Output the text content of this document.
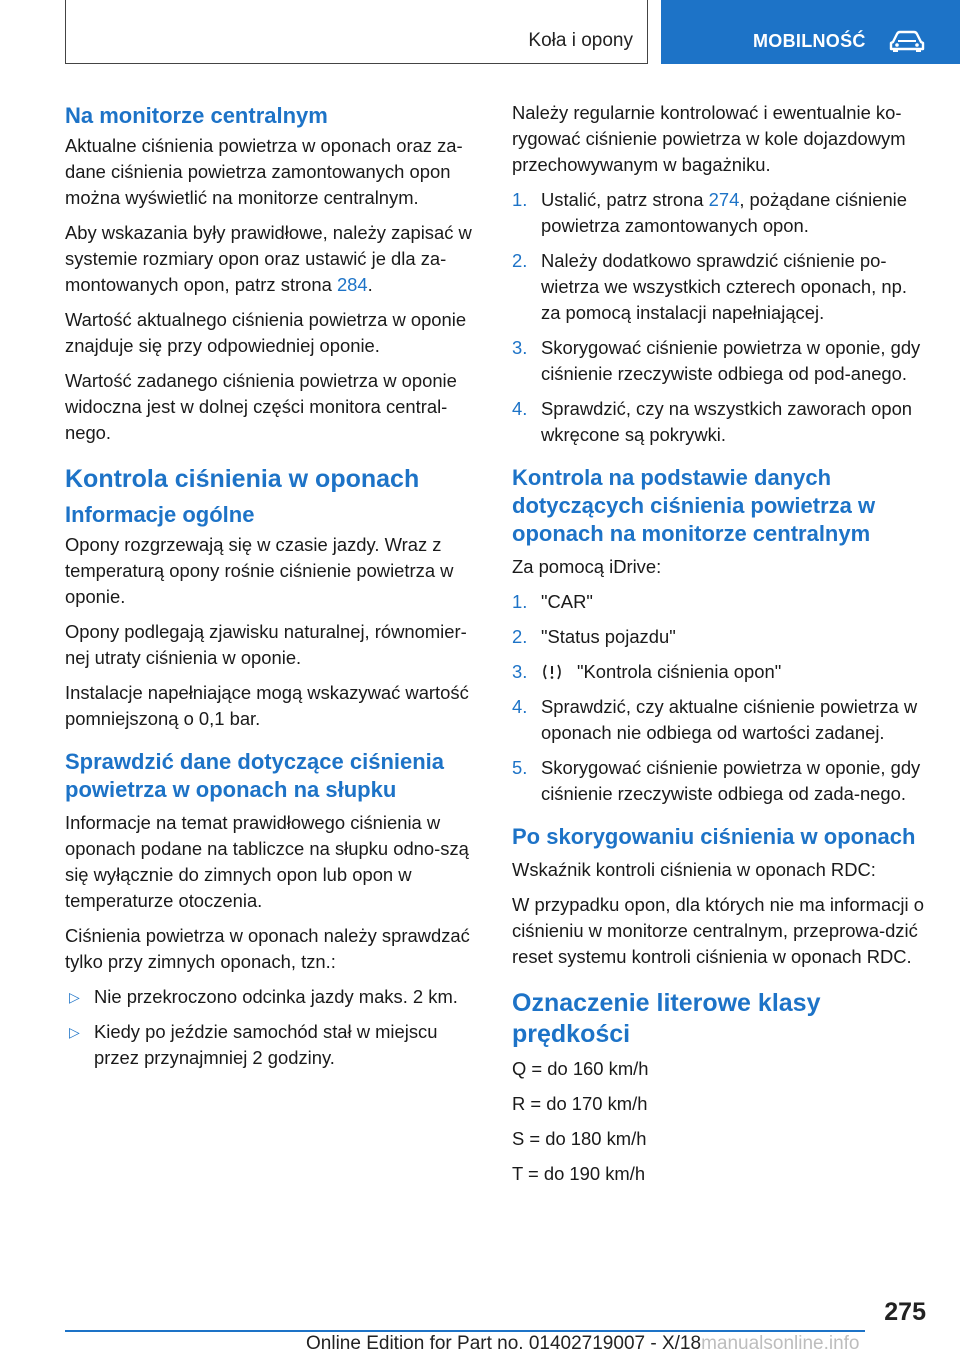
Koła i opony	MOBILNOŚĆ
Na monitorze centralnym

Aktualne ciśnienia powietrza w oponach oraz za-dane ciśnienia powietrza zamontowanych opon można wyświetlić na monitorze centralnym.

Aby wskazania były prawidłowe, należy zapisać w systemie rozmiary opon oraz ustawić je dla za-montowanych opon, patrz strona 284.

Wartość aktualnego ciśnienia powietrza w oponie znajduje się przy odpowiedniej oponie.

Wartość zadanego ciśnienia powietrza w oponie widoczna jest w dolnej części monitora central-nego.

Kontrola ciśnienia w oponach
Informacje ogólne

Opony rozgrzewają się w czasie jazdy. Wraz z temperaturą opony rośnie ciśnienie powietrza w oponie.

Opony podlegają zjawisku naturalnej, równomier-nej utraty ciśnienia w oponie.

Instalacje napełniające mogą wskazywać wartość pomniejszoną o 0,1 bar.

Sprawdzić dane dotyczące ciśnienia powietrza w oponach na słupku

Informacje na temat prawidłowego ciśnienia w oponach podane na tabliczce na słupku odno-szą się wyłącznie do zimnych opon lub opon w temperaturze otoczenia.

Ciśnienia powietrza w oponach należy sprawdzać tylko przy zimnych oponach, tzn.:

▷ Nie przekroczono odcinka jazdy maks. 2 km.
▷ Kiedy po jeździe samochód stał w miejscu przez przynajmniej 2 godziny.

Należy regularnie kontrolować i ewentualnie ko-rygować ciśnienie powietrza w kole dojazdowym przechowywanym w bagażniku.

1. Ustalić, patrz strona 274, pożądane ciśnienie powietrza zamontowanych opon.
2. Należy dodatkowo sprawdzić ciśnienie po-wietrza we wszystkich czterech oponach, np. za pomocą instalacji napełniającej.
3. Skorygować ciśnienie powietrza w oponie, gdy ciśnienie rzeczywiste odbiega od pod-anego.
4. Sprawdzić, czy na wszystkich zaworach opon wkręcone są pokrywki.
Kontrola na podstawie danych dotyczących ciśnienia powietrza w oponach na monitorze centralnym

Za pomocą iDrive:

1. "CAR"
2. "Status pojazdu"
3.	"Kontrola ciśnienia opon"
4. Sprawdzić, czy aktualne ciśnienie powietrza w oponach nie odbiega od wartości zadanej.
5. Skorygować ciśnienie powietrza w oponie, gdy ciśnienie rzeczywiste odbiega od zada-nego.
Po skorygowaniu ciśnienia w oponach

Wskaźnik kontroli ciśnienia w oponach RDC:

W przypadku opon, dla których nie ma informacji o ciśnieniu w monitorze centralnym, przeprowa-dzić reset systemu kontroli ciśnienia w oponach RDC.

Oznaczenie literowe klasy prędkości

Q = do 160 km/h

R = do 170 km/h

S = do 180 km/h

T = do 190 km/h

275
Online Edition for Part no. 01402719007 - X/18manualsonline.info
